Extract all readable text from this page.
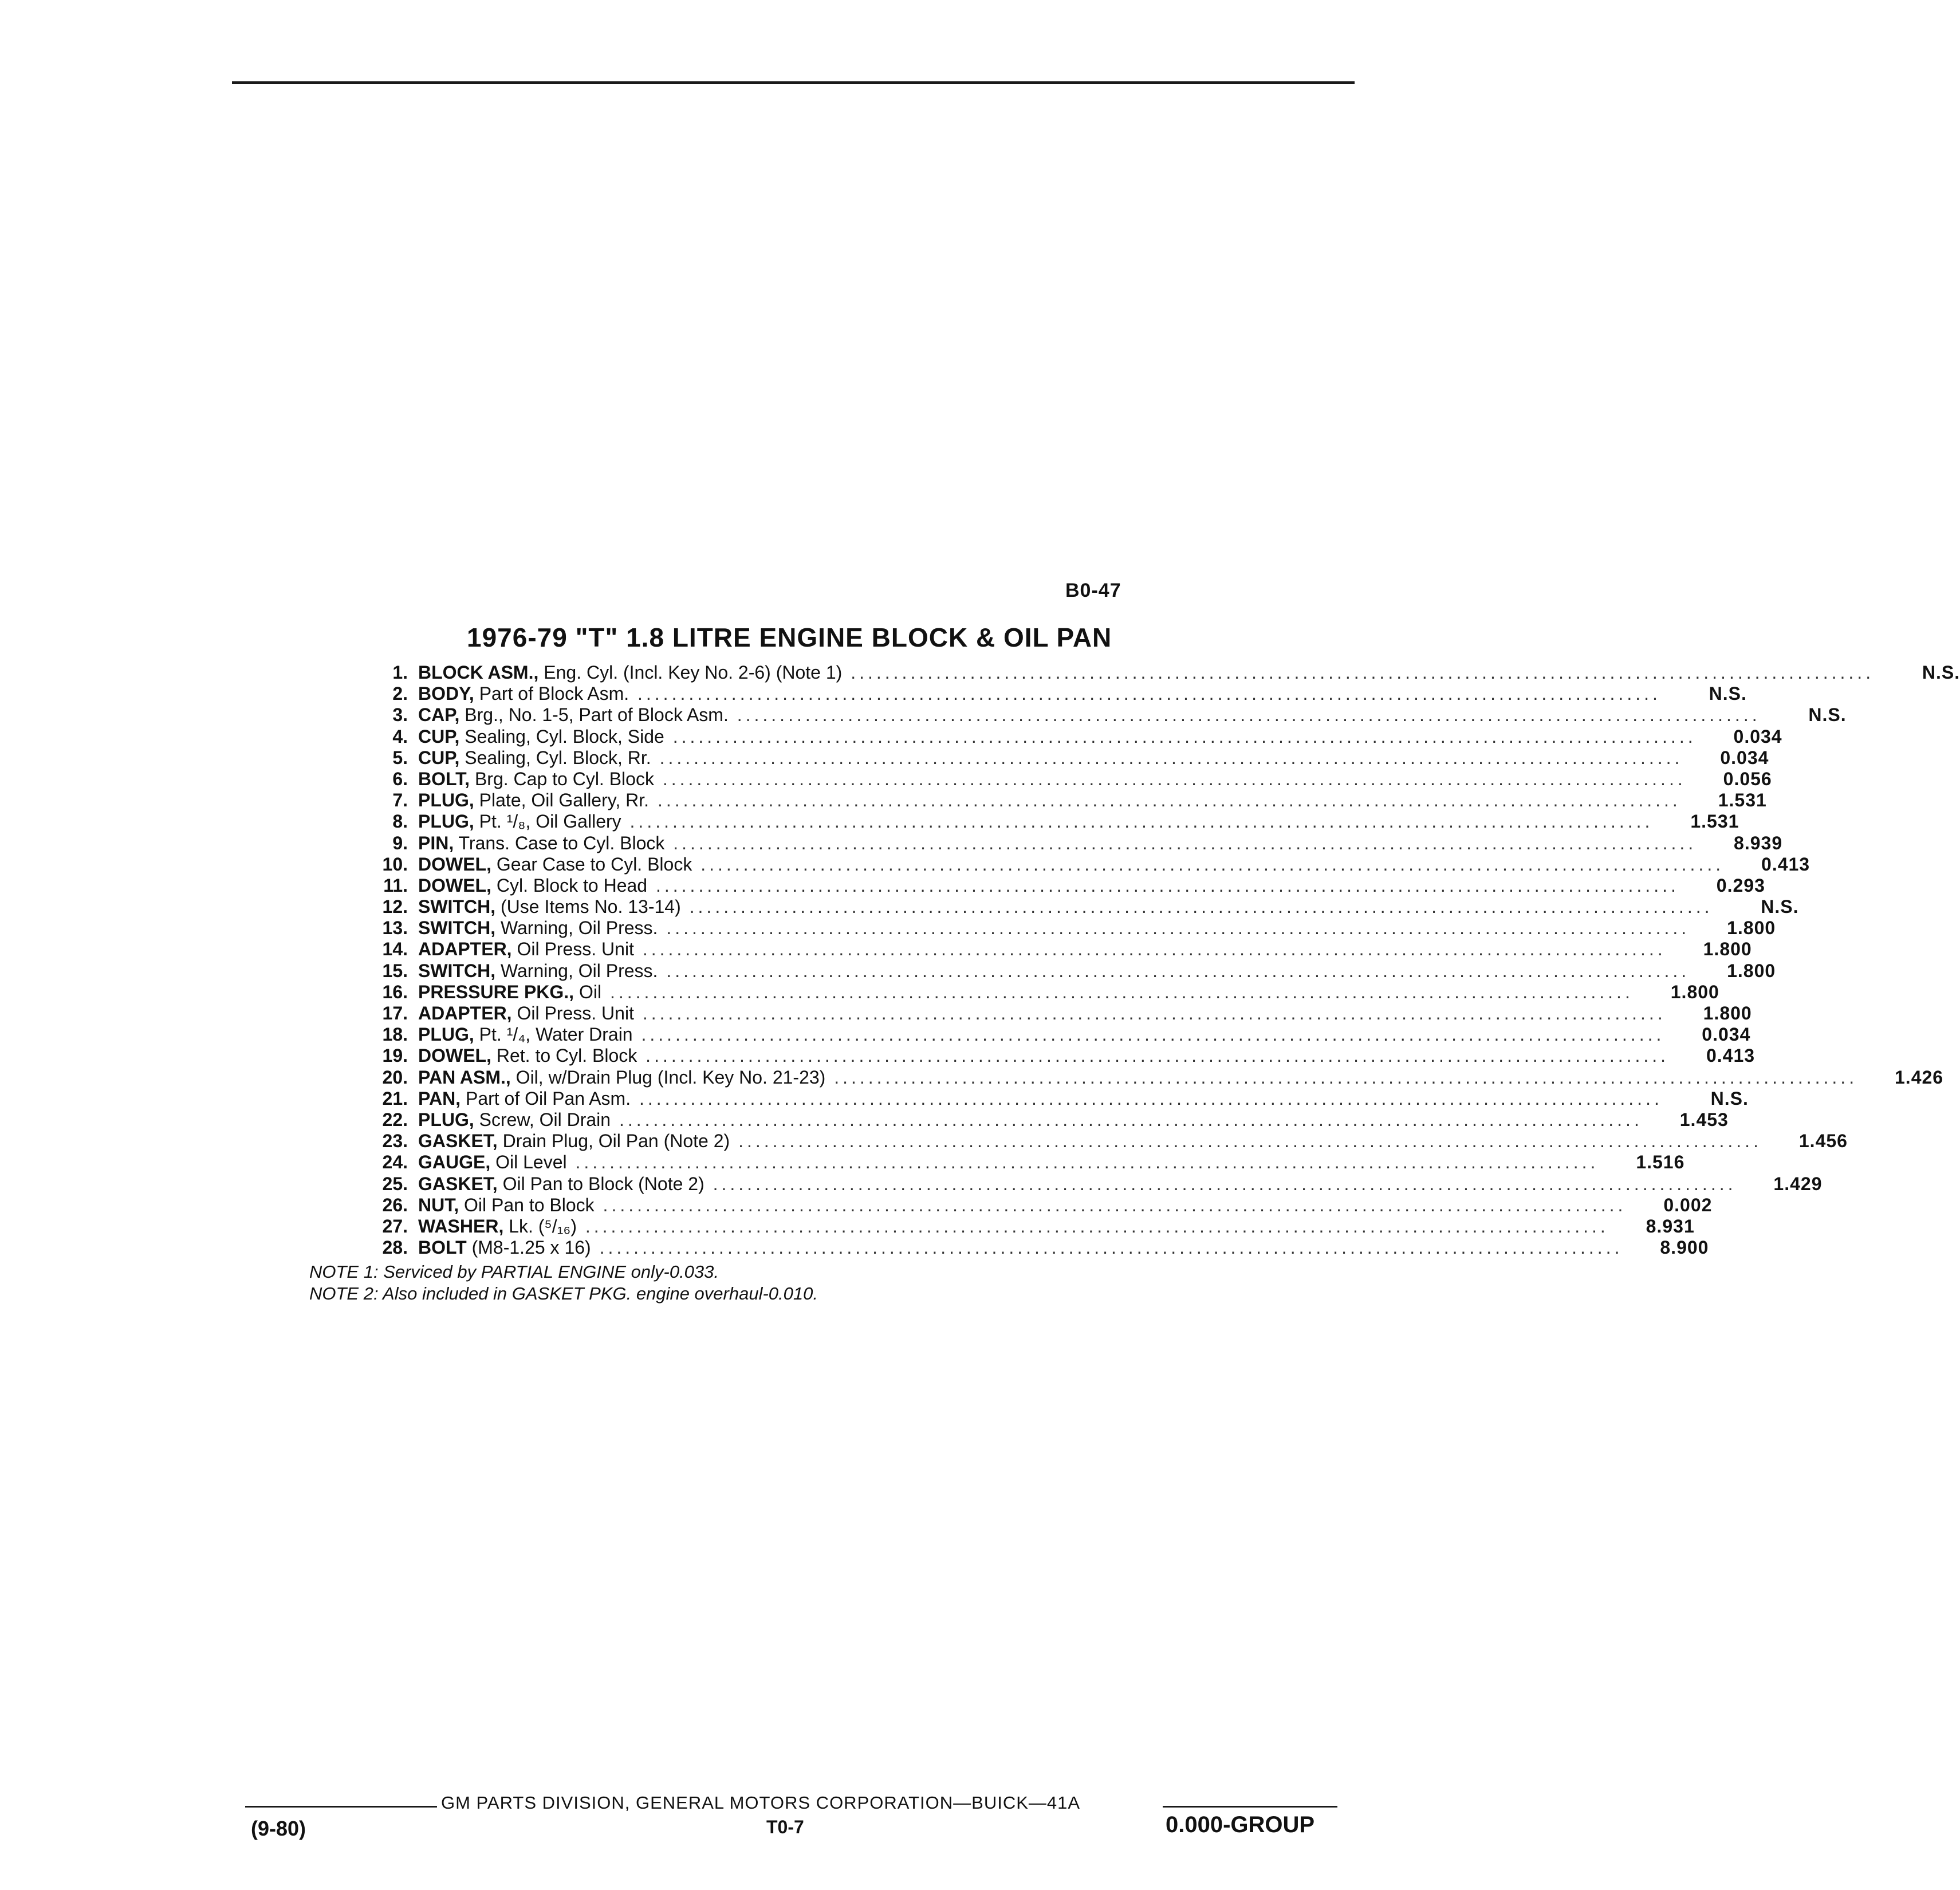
B0-47
1976-79 "T" 1.8 LITRE ENGINE BLOCK & OIL PAN
1. BLOCK ASM., Eng. Cyl. (Incl. Key No. 2-6) (Note 1) ........................................................................................................................	N.S.
2. BODY, Part of Block Asm. ........................................................................................................................	N.S.
3. CAP, Brg., No. 1-5, Part of Block Asm. ........................................................................................................................	N.S.
4. CUP, Sealing, Cyl. Block, Side ........................................................................................................................	0.034
5. CUP, Sealing, Cyl. Block, Rr. ........................................................................................................................	0.034
6. BOLT, Brg. Cap to Cyl. Block ........................................................................................................................	0.056
7. PLUG, Plate, Oil Gallery, Rr. ........................................................................................................................	1.531
8. PLUG, Pt. ¹/₈, Oil Gallery ........................................................................................................................	1.531
9. PIN, Trans. Case to Cyl. Block ........................................................................................................................	8.939
10. DOWEL, Gear Case to Cyl. Block ........................................................................................................................	0.413
11. DOWEL, Cyl. Block to Head ........................................................................................................................	0.293
12. SWITCH, (Use Items No. 13-14) ........................................................................................................................	N.S.
13. SWITCH, Warning, Oil Press. ........................................................................................................................	1.800
14. ADAPTER, Oil Press. Unit ........................................................................................................................	1.800
15. SWITCH, Warning, Oil Press. ........................................................................................................................	1.800
16. PRESSURE PKG., Oil ........................................................................................................................	1.800
17. ADAPTER, Oil Press. Unit ........................................................................................................................	1.800
18. PLUG, Pt. ¹/₄, Water Drain ........................................................................................................................	0.034
19. DOWEL, Ret. to Cyl. Block ........................................................................................................................	0.413
20. PAN ASM., Oil, w/Drain Plug (Incl. Key No. 21-23) ........................................................................................................................	1.426
21. PAN, Part of Oil Pan Asm. ........................................................................................................................	N.S.
22. PLUG, Screw, Oil Drain ........................................................................................................................	1.453
23. GASKET, Drain Plug, Oil Pan (Note 2) ........................................................................................................................	1.456
24. GAUGE, Oil Level ........................................................................................................................	1.516
25. GASKET, Oil Pan to Block (Note 2) ........................................................................................................................	1.429
26. NUT, Oil Pan to Block ........................................................................................................................	0.002
27. WASHER, Lk. (⁵/₁₆) ........................................................................................................................	8.931
28. BOLT (M8-1.25 x 16) ........................................................................................................................	8.900
NOTE 1: Serviced by PARTIAL ENGINE only-0.033.
NOTE 2: Also included in GASKET PKG. engine overhaul-0.010.
GM PARTS DIVISION, GENERAL MOTORS CORPORATION—BUICK—41A
(9-80)	T0-7	0.000-GROUP
